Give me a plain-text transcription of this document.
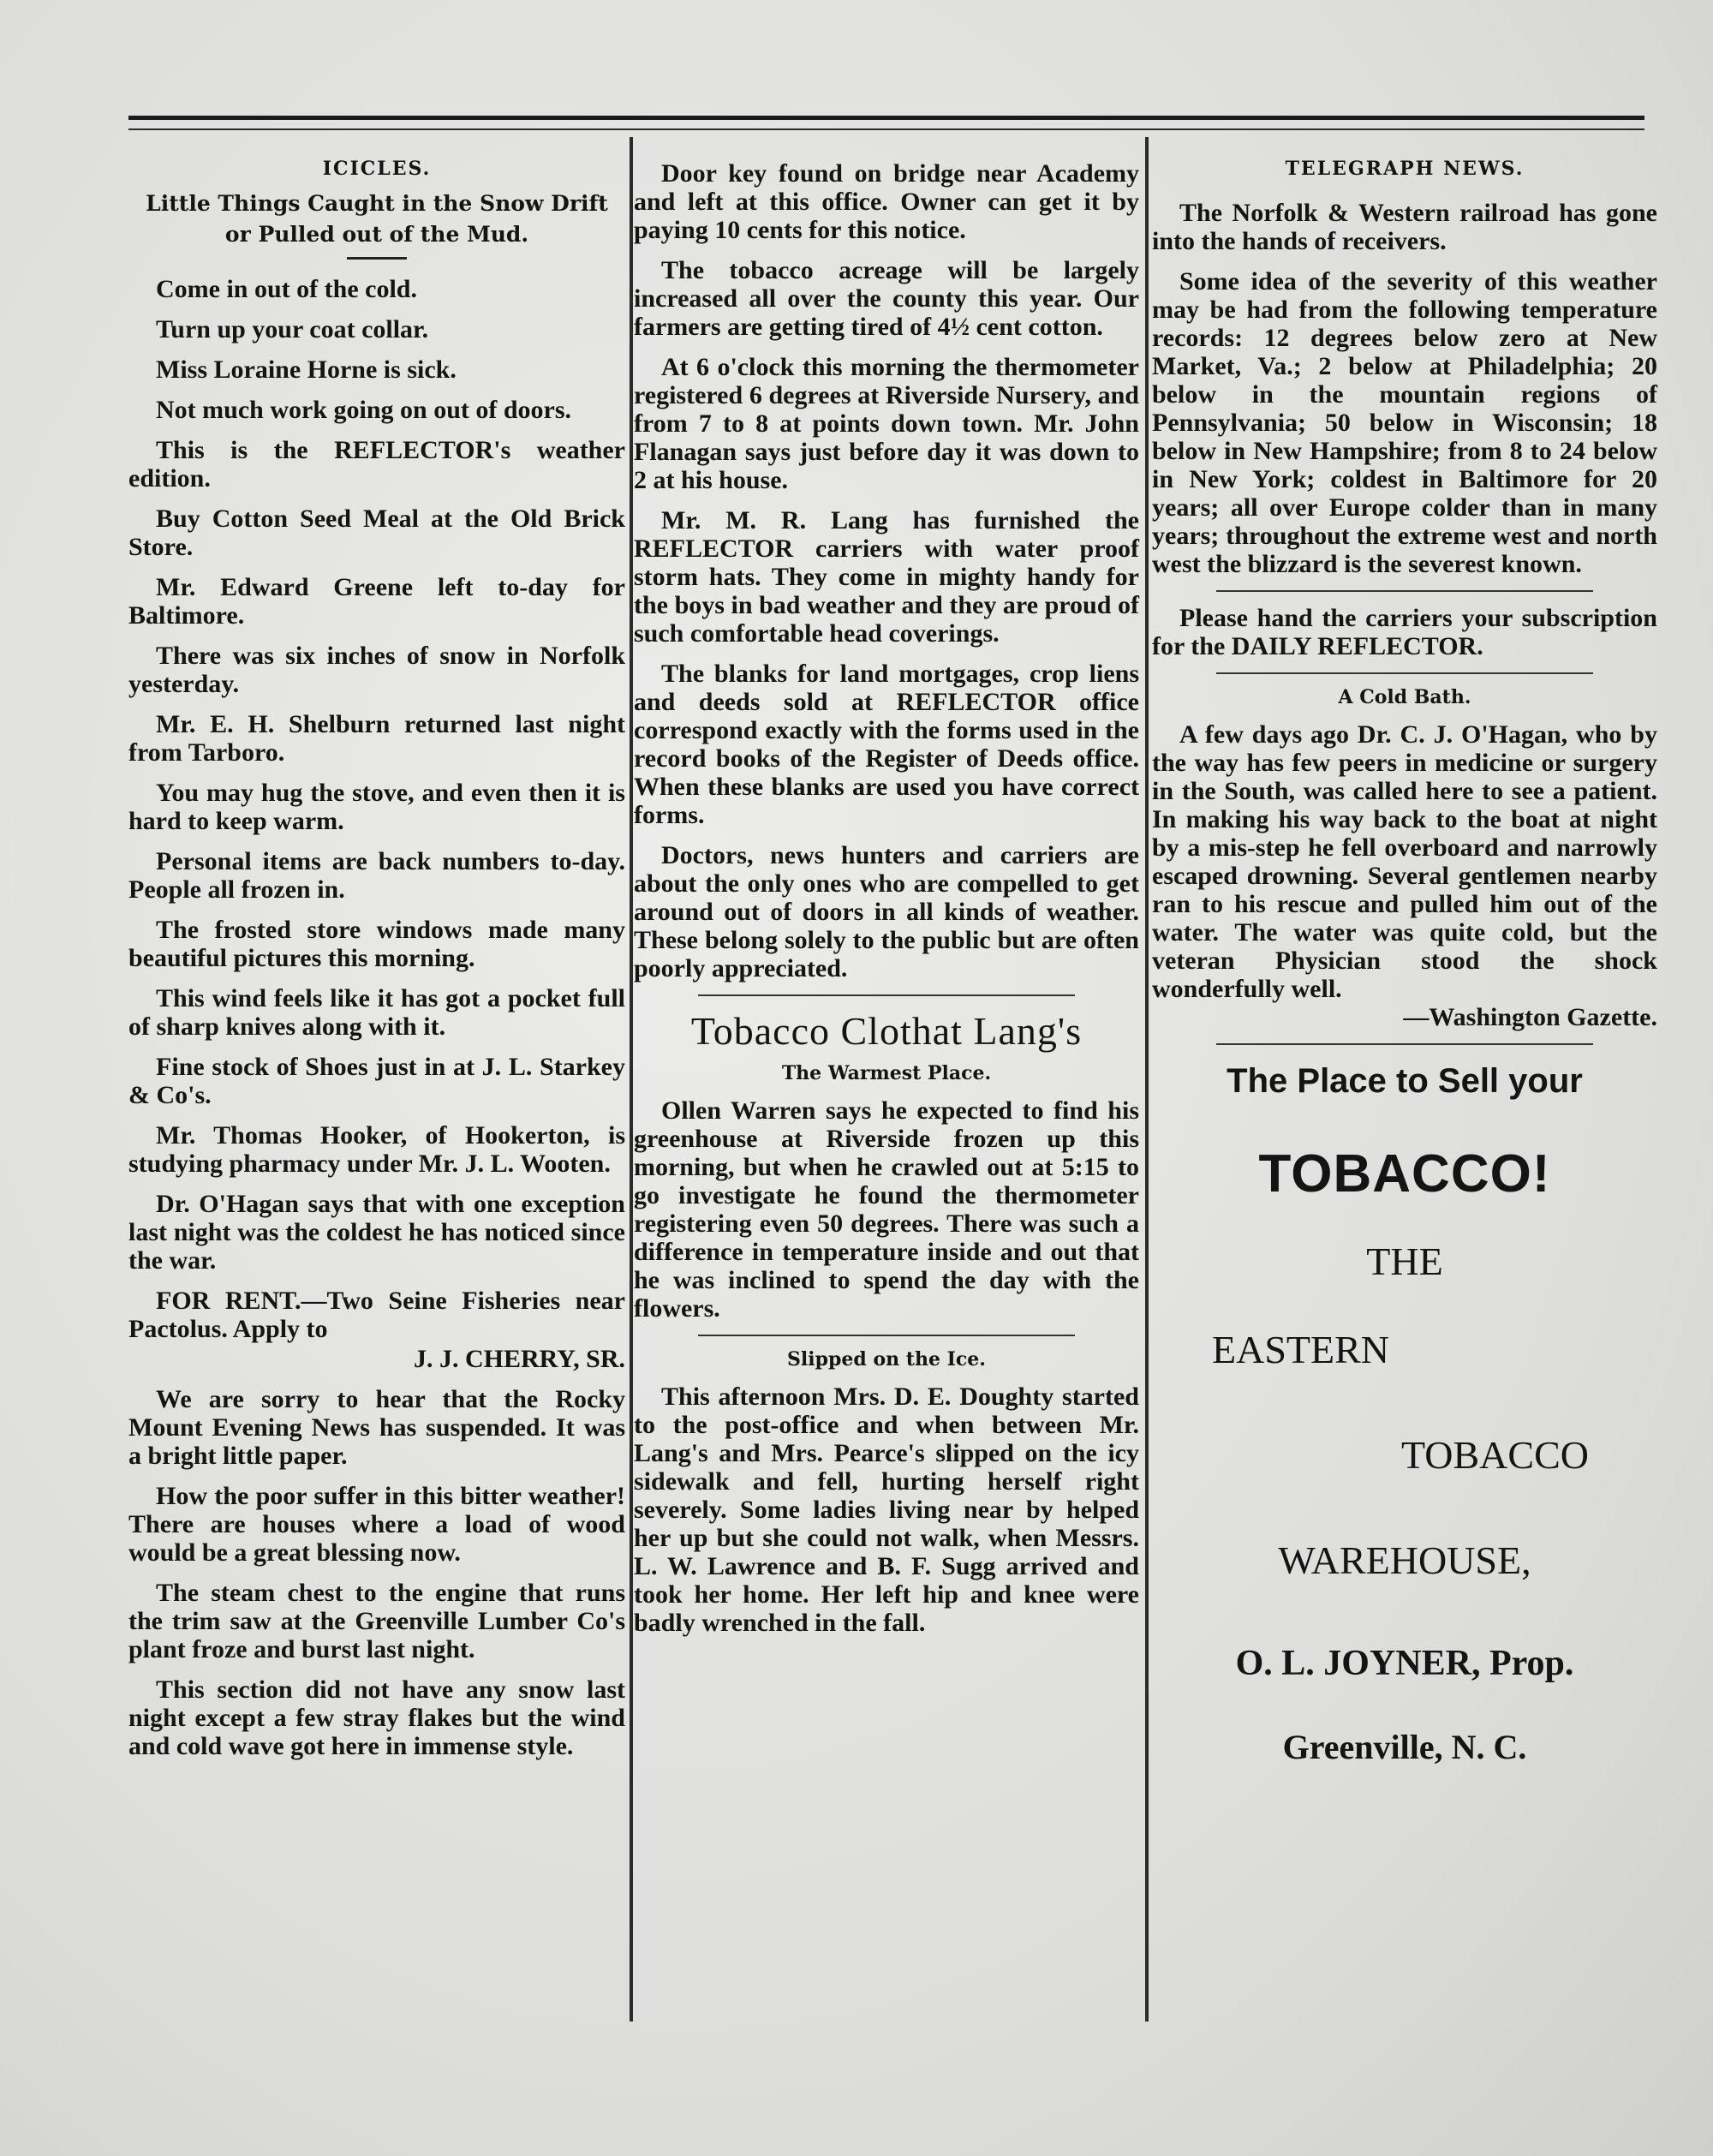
ICICLES.
Little Things Caught in the Snow Drift or Pulled out of the Mud.
Come in out of the cold.
Turn up your coat collar.
Miss Loraine Horne is sick.
Not much work going on out of doors.
This is the REFLECTOR's weather edition.
Buy Cotton Seed Meal at the Old Brick Store.
Mr. Edward Greene left to-day for Baltimore.
There was six inches of snow in Norfolk yesterday.
Mr. E. H. Shelburn returned last night from Tarboro.
You may hug the stove, and even then it is hard to keep warm.
Personal items are back numbers to-day. People all frozen in.
The frosted store windows made many beautiful pictures this morning.
This wind feels like it has got a pocket full of sharp knives along with it.
Fine stock of Shoes just in at J. L. Starkey & Co's.
Mr. Thomas Hooker, of Hookerton, is studying pharmacy under Mr. J. L. Wooten.
Dr. O'Hagan says that with one exception last night was the coldest he has noticed since the war.
FOR RENT.—Two Seine Fisheries near Pactolus. Apply to
J. J. CHERRY, SR.
We are sorry to hear that the Rocky Mount Evening News has suspended. It was a bright little paper.
How the poor suffer in this bitter weather! There are houses where a load of wood would be a great blessing now.
The steam chest to the engine that runs the trim saw at the Greenville Lumber Co's plant froze and burst last night.
This section did not have any snow last night except a few stray flakes but the wind and cold wave got here in immense style.
Door key found on bridge near Academy and left at this office. Owner can get it by paying 10 cents for this notice.
The tobacco acreage will be largely increased all over the county this year. Our farmers are getting tired of 4½ cent cotton.
At 6 o'clock this morning the thermometer registered 6 degrees at Riverside Nursery, and from 7 to 8 at points down town. Mr. John Flanagan says just before day it was down to 2 at his house.
Mr. M. R. Lang has furnished the REFLECTOR carriers with water proof storm hats. They come in mighty handy for the boys in bad weather and they are proud of such comfortable head coverings.
The blanks for land mortgages, crop liens and deeds sold at REFLECTOR office correspond exactly with the forms used in the record books of the Register of Deeds office. When these blanks are used you have correct forms.
Doctors, news hunters and carriers are about the only ones who are compelled to get around out of doors in all kinds of weather. These belong solely to the public but are often poorly appreciated.
Tobacco Clothat Lang's
The Warmest Place.
Ollen Warren says he expected to find his greenhouse at Riverside frozen up this morning, but when he crawled out at 5:15 to go investigate he found the thermometer registering even 50 degrees. There was such a difference in temperature inside and out that he was inclined to spend the day with the flowers.
Slipped on the Ice.
This afternoon Mrs. D. E. Doughty started to the post-office and when between Mr. Lang's and Mrs. Pearce's slipped on the icy sidewalk and fell, hurting herself right severely. Some ladies living near by helped her up but she could not walk, when Messrs. L. W. Lawrence and B. F. Sugg arrived and took her home. Her left hip and knee were badly wrenched in the fall.
TELEGRAPH NEWS.
The Norfolk & Western railroad has gone into the hands of receivers.
Some idea of the severity of this weather may be had from the following temperature records: 12 degrees below zero at New Market, Va.; 2 below at Philadelphia; 20 below in the mountain regions of Pennsylvania; 50 below in Wisconsin; 18 below in New Hampshire; from 8 to 24 below in New York; coldest in Baltimore for 20 years; all over Europe colder than in many years; throughout the extreme west and north west the blizzard is the severest known.
Please hand the carriers your subscription for the DAILY REFLECTOR.
A Cold Bath.
A few days ago Dr. C. J. O'Hagan, who by the way has few peers in medicine or surgery in the South, was called here to see a patient. In making his way back to the boat at night by a mis-step he fell overboard and narrowly escaped drowning. Several gentlemen nearby ran to his rescue and pulled him out of the water. The water was quite cold, but the veteran Physician stood the shock wonderfully well.
—Washington Gazette.
The Place to Sell your
TOBACCO!
THE
EASTERN
TOBACCO
WAREHOUSE,
O. L. JOYNER, Prop.
Greenville, N. C.
